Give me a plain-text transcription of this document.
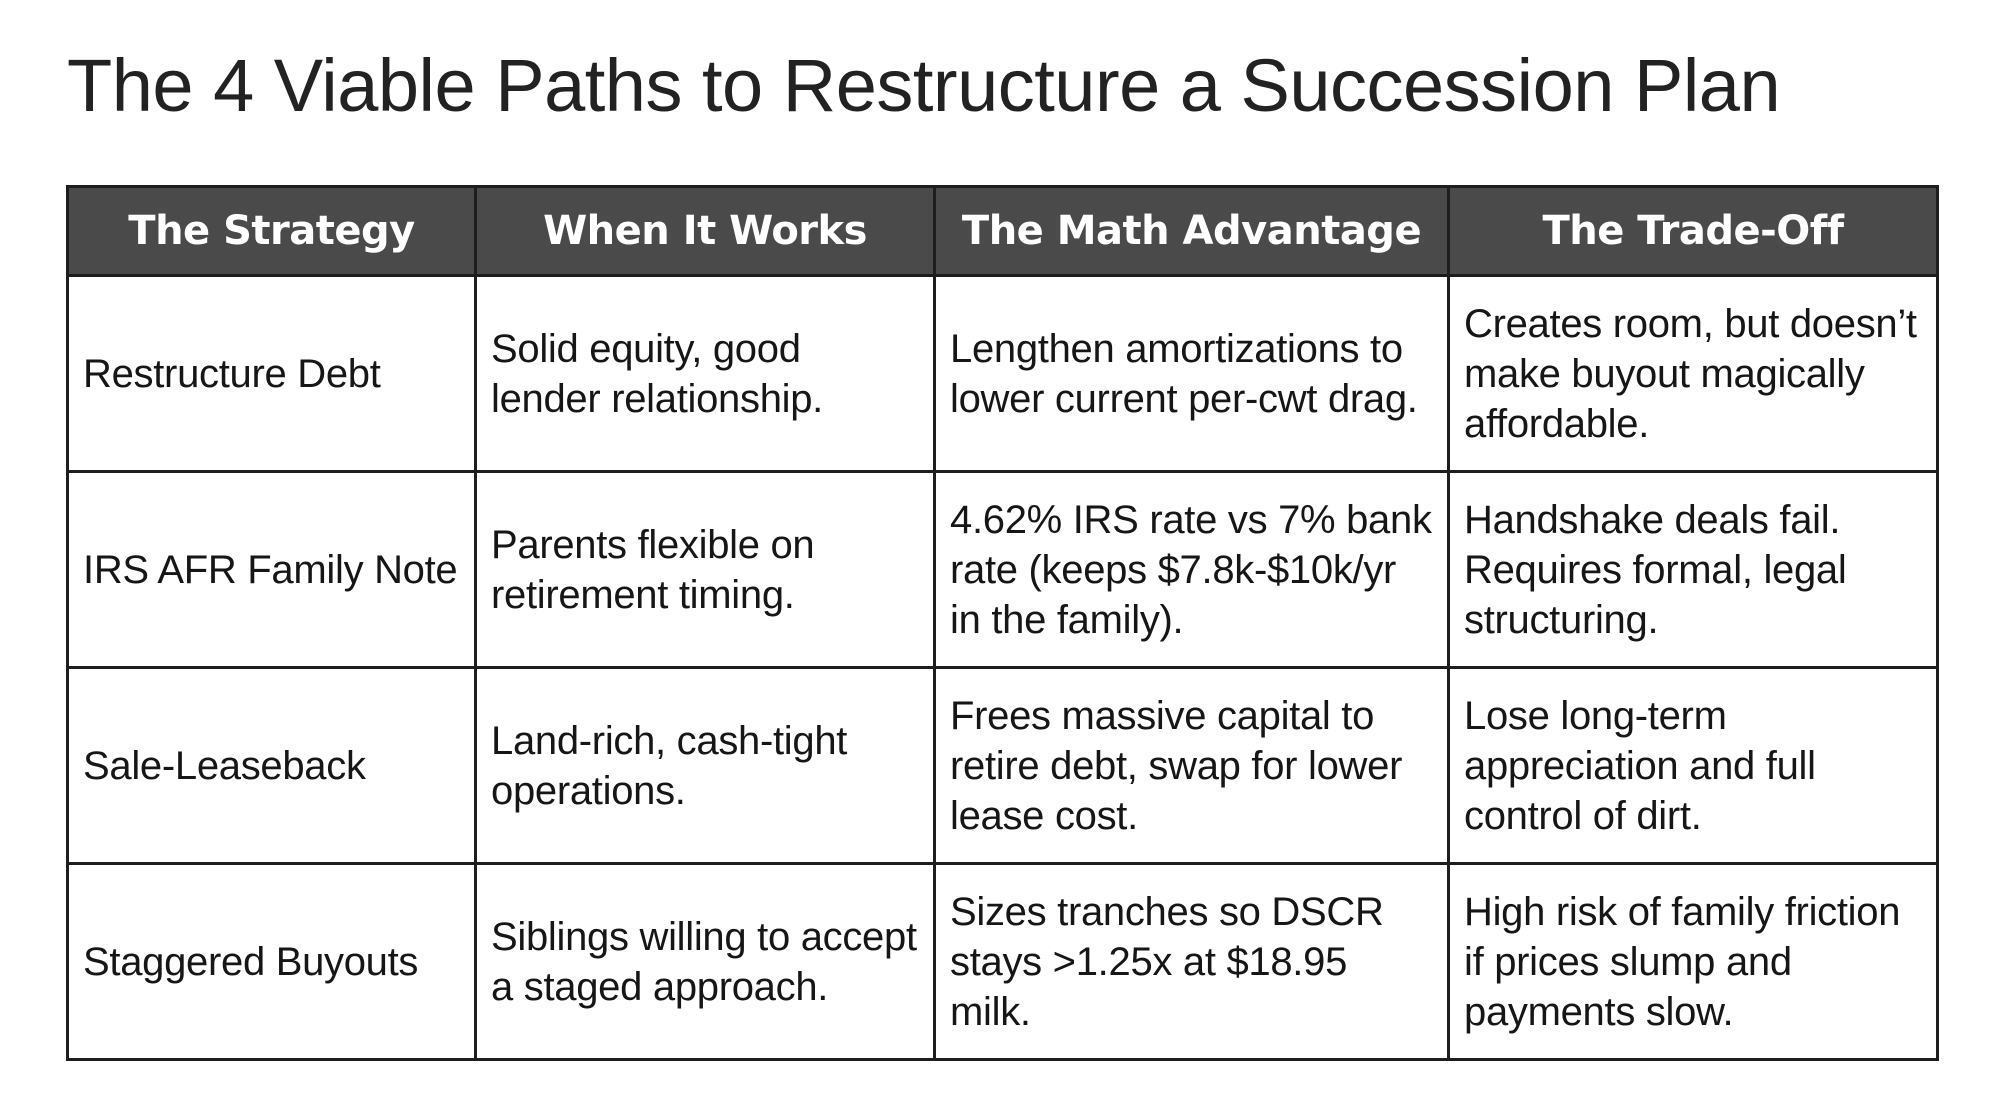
The 4 Viable Paths to Restructure a Succession Plan
The Strategy	When It Works	The Math Advantage	The Trade-Off
Restructure Debt	Solid equity, good lender relationship.	Lengthen amortizations to lower current per-cwt drag.	Creates room, but doesn’t make buyout magically affordable.
IRS AFR Family Note	Parents flexible on retirement timing.	4.62% IRS rate vs 7% bank rate (keeps $7.8k-$10k/yr in the family).	Handshake deals fail. Requires formal, legal structuring.
Sale-Leaseback	Land-rich, cash-tight operations.	Frees massive capital to retire debt, swap for lower lease cost.	Lose long-term appreciation and full control of dirt.
Staggered Buyouts	Siblings willing to accept a staged approach.	Sizes tranches so DSCR stays >1.25x at $18.95 milk.	High risk of family friction if prices slump and payments slow.
